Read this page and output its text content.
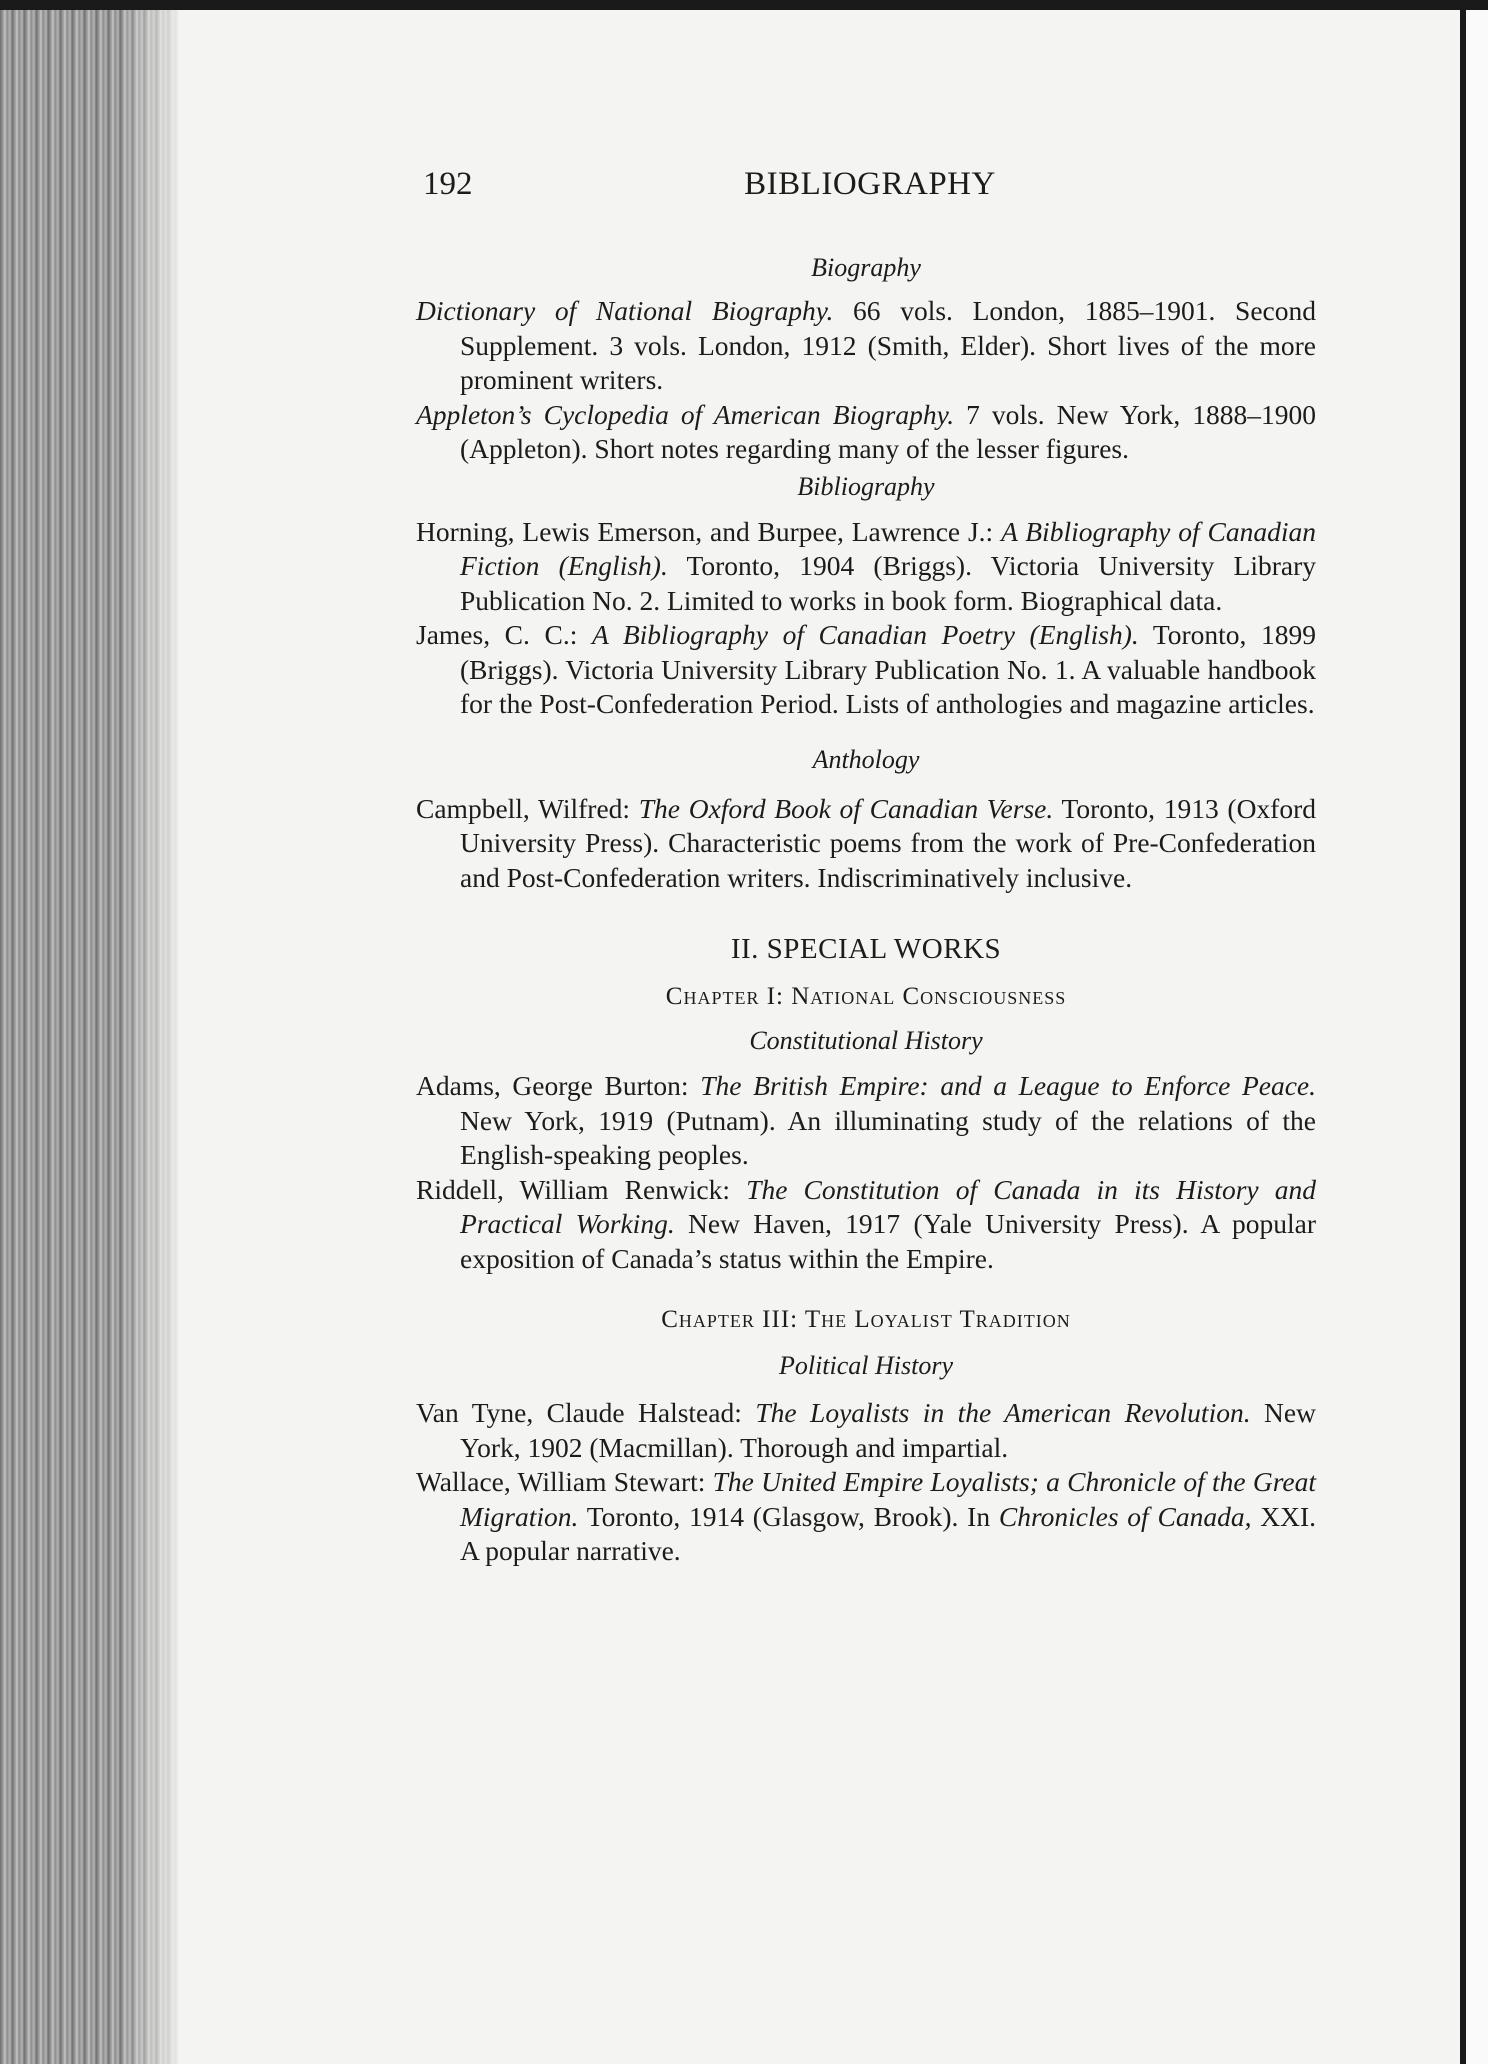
192	BIBLIOGRAPHY

Biography

Dictionary of National Biography. 66 vols. London, 1885–1901. Second Supplement. 3 vols. London, 1912 (Smith, Elder). Short lives of the more prominent writers.

Appleton’s Cyclopedia of American Biography. 7 vols. New York, 1888–1900 (Appleton). Short notes regarding many of the lesser figures.

Bibliography

Horning, Lewis Emerson, and Burpee, Lawrence J.: A Bibliography of Canadian Fiction (English). Toronto, 1904 (Briggs). Victoria University Library Publication No. 2. Limited to works in book form. Biographical data.

James, C. C.: A Bibliography of Canadian Poetry (English). Toronto, 1899 (Briggs). Victoria University Library Publication No. 1. A valuable handbook for the Post-Confederation Period. Lists of anthologies and magazine articles.

Anthology

Campbell, Wilfred: The Oxford Book of Canadian Verse. Toronto, 1913 (Oxford University Press). Characteristic poems from the work of Pre-Confederation and Post-Confederation writers. Indiscriminatively inclusive.

II. SPECIAL WORKS

Chapter I: National Consciousness

Constitutional History

Adams, George Burton: The British Empire: and a League to Enforce Peace. New York, 1919 (Putnam). An illuminating study of the relations of the English-speaking peoples.

Riddell, William Renwick: The Constitution of Canada in its History and Practical Working. New Haven, 1917 (Yale University Press). A popular exposition of Canada’s status within the Empire.

Chapter III: The Loyalist Tradition

Political History

Van Tyne, Claude Halstead: The Loyalists in the American Revolution. New York, 1902 (Macmillan). Thorough and impartial.

Wallace, William Stewart: The United Empire Loyalists; a Chronicle of the Great Migration. Toronto, 1914 (Glasgow, Brook). In Chronicles of Canada, XXI. A popular narrative.
